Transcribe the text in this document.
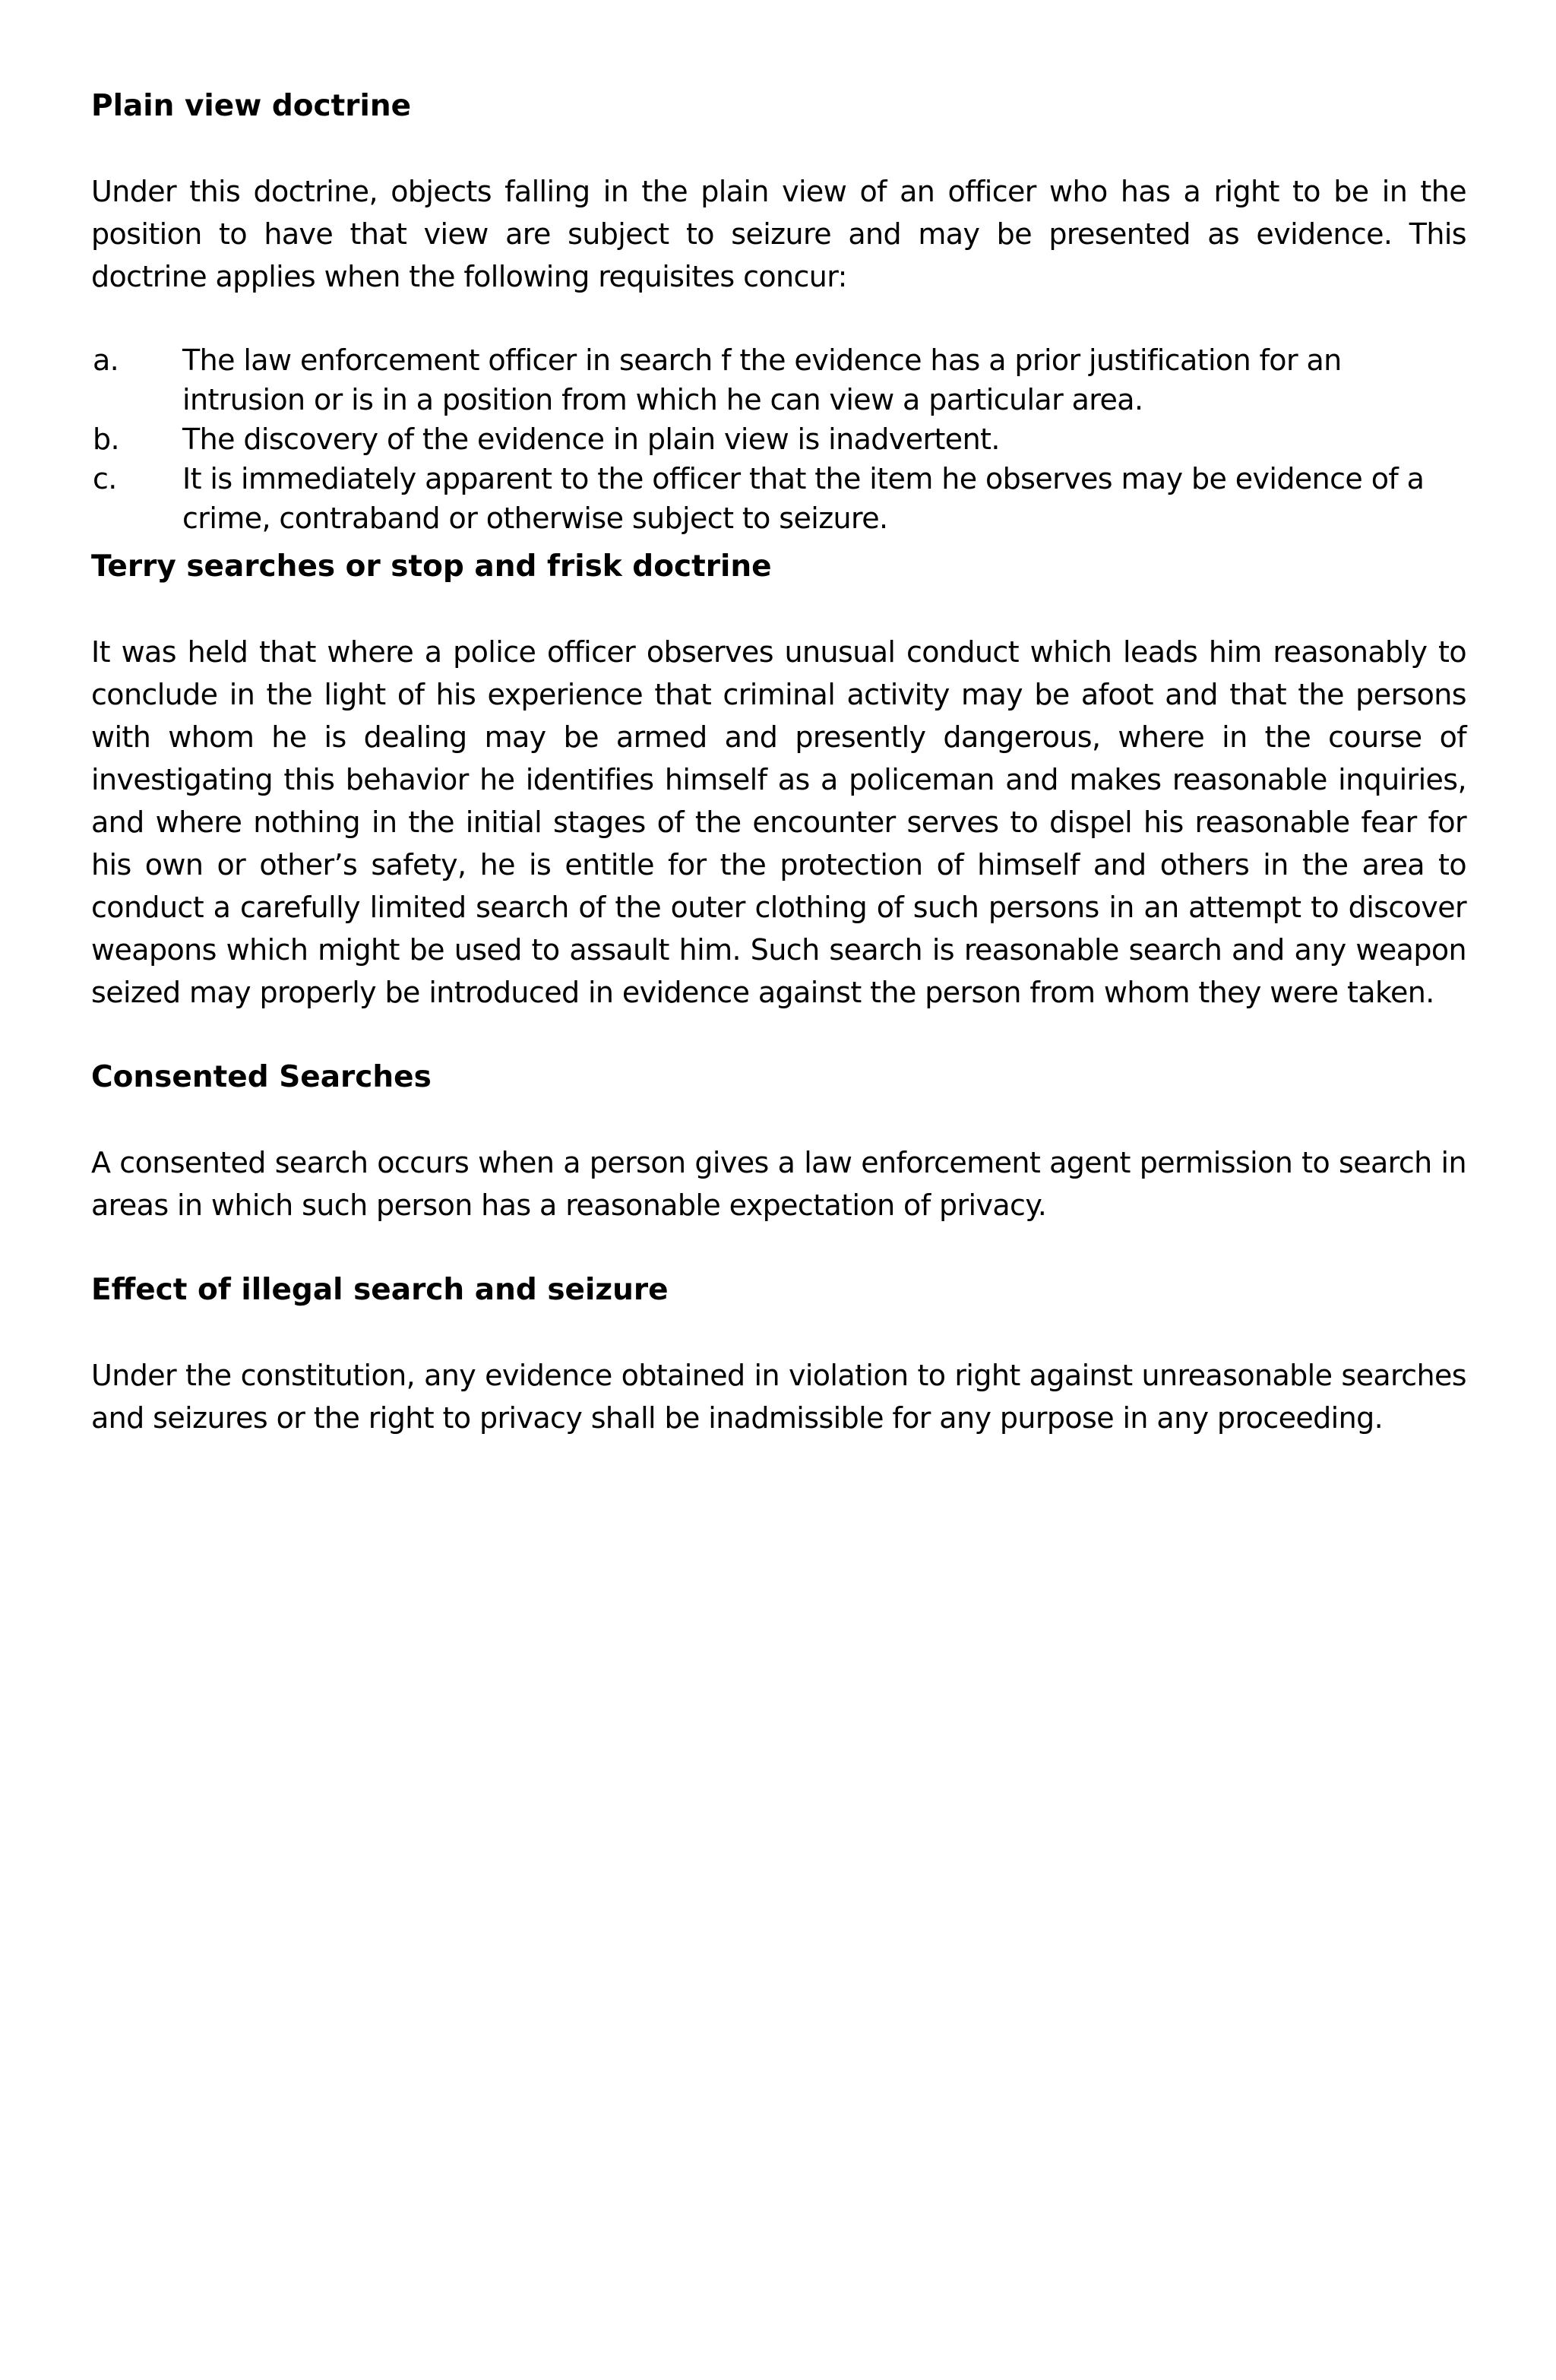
Plain view doctrine

Under this doctrine, objects falling in the plain view of an officer who has a right to be in the position to have that view are subject to seizure and may be presented as evidence. This doctrine applies when the following requisites concur:

a. The law enforcement officer in search f the evidence has a prior justification for an intrusion or is in a position from which he can view a particular area.
b. The discovery of the evidence in plain view is inadvertent.
c. It is immediately apparent to the officer that the item he observes may be evidence of a crime, contraband or otherwise subject to seizure.
Terry searches or stop and frisk doctrine

It was held that where a police officer observes unusual conduct which leads him reasonably to conclude in the light of his experience that criminal activity may be afoot and that the persons with whom he is dealing may be armed and presently dangerous, where in the course of investigating this behavior he identifies himself as a policeman and makes reasonable inquiries, and where nothing in the initial stages of the encounter serves to dispel his reasonable fear for his own or other’s safety, he is entitle for the protection of himself and others in the area to conduct a carefully limited search of the outer clothing of such persons in an attempt to discover weapons which might be used to assault him. Such search is reasonable search and any weapon seized may properly be introduced in evidence against the person from whom they were taken.

Consented Searches

A consented search occurs when a person gives a law enforcement agent permission to search in areas in which such person has a reasonable expectation of privacy.

Effect of illegal search and seizure

Under the constitution, any evidence obtained in violation to right against unreasonable searches and seizures or the right to privacy shall be inadmissible for any purpose in any proceeding.
